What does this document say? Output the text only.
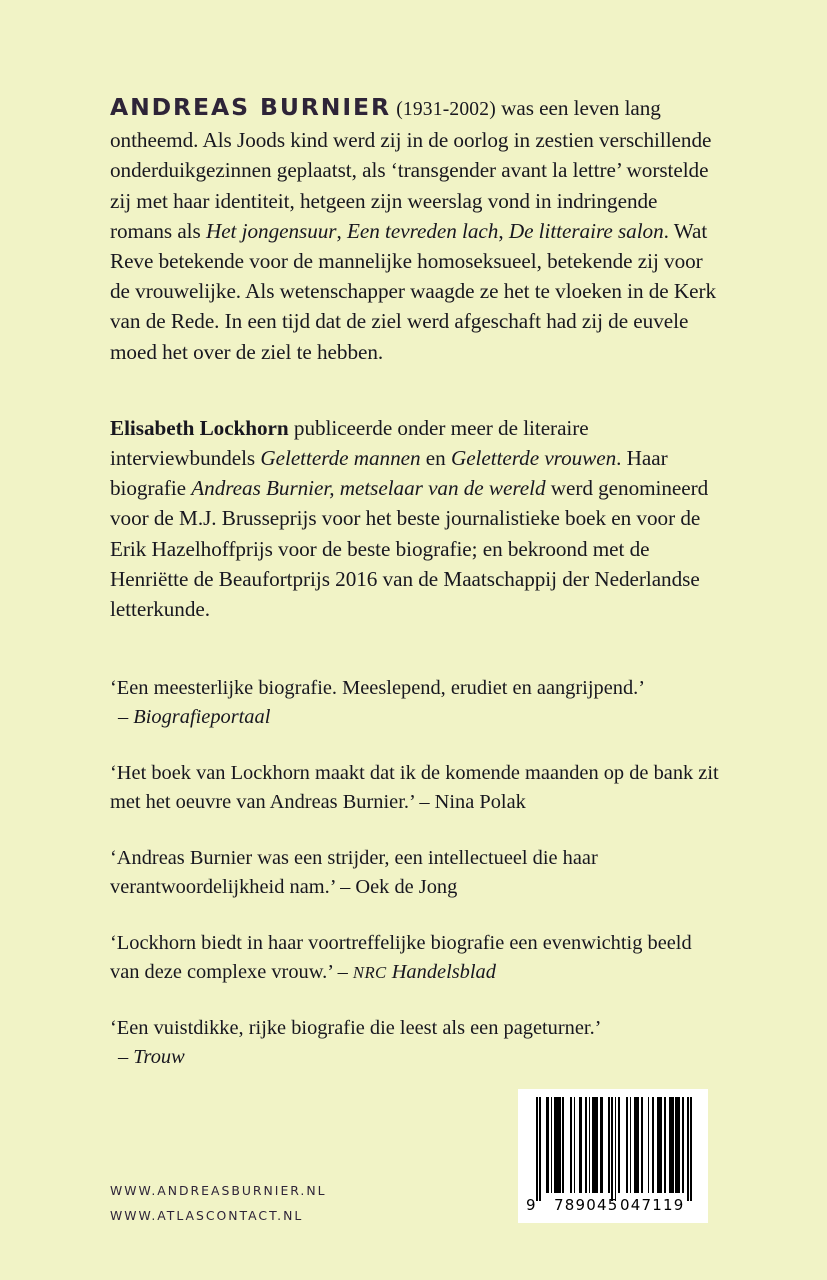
ANDREAS BURNIER (1931-2002) was een leven lang ontheemd. Als Joods kind werd zij in de oorlog in zestien verschillende onderduikgezinnen geplaatst, als ‘transgender avant la lettre’ worstelde zij met haar identiteit, hetgeen zijn weerslag vond in indringende romans als Het jongensuur, Een tevreden lach, De litteraire salon. Wat Reve betekende voor de mannelijke homoseksueel, betekende zij voor de vrouwelijke. Als wetenschapper waagde ze het te vloeken in de Kerk van de Rede. In een tijd dat de ziel werd afgeschaft had zij de euvele moed het over de ziel te hebben.

Elisabeth Lockhorn publiceerde onder meer de literaire interviewbundels Geletterde mannen en Geletterde vrouwen. Haar biografie Andreas Burnier, metselaar van de wereld werd genomineerd voor de M.J. Brusseprijs voor het beste journalistieke boek en voor de Erik Hazelhoffprijs voor de beste biografie; en bekroond met de Henriëtte de Beaufortprijs 2016 van de Maatschappij der Nederlandse letterkunde.

‘Een meesterlijke biografie. Meeslepend, erudiet en aangrijpend.’
– Biografieportaal

‘Het boek van Lockhorn maakt dat ik de komende maanden op de bank zit met het oeuvre van Andreas Burnier.’ – Nina Polak

‘Andreas Burnier was een strijder, een intellectueel die haar verantwoordelijkheid nam.’ – Oek de Jong

‘Lockhorn biedt in haar voortreffelijke biografie een evenwichtig beeld van deze complexe vrouw.’ – NRC Handelsblad

‘Een vuistdikke, rijke biografie die leest als een pageturner.’
– Trouw

WWW.ANDREASBURNIER.NL
WWW.ATLASCONTACT.NL
9 789045 047119
